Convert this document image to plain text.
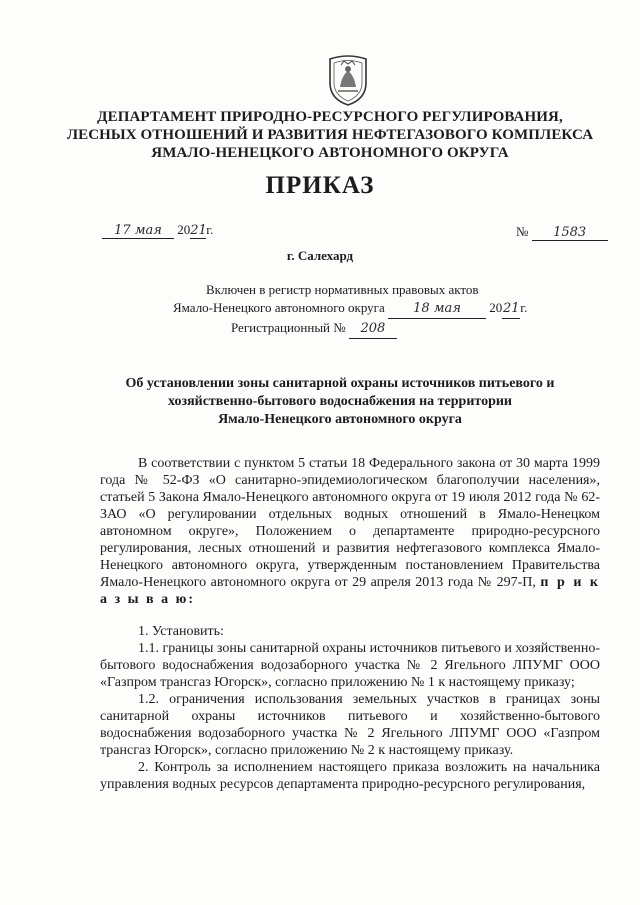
ДЕПАРТАМЕНТ ПРИРОДНО-РЕСУРСНОГО РЕГУЛИРОВАНИЯ,
ЛЕСНЫХ ОТНОШЕНИЙ И РАЗВИТИЯ НЕФТЕГАЗОВОГО КОМПЛЕКСА
ЯМАЛО-НЕНЕЦКОГО АВТОНОМНОГО ОКРУГА
ПРИКАЗ
17 мая 2021г.	№ 1583
г. Салехард
Включен в регистр нормативных правовых актов
Ямало-Ненецкого автономного округа 18 мая 2021г.
Регистрационный № 208
Об установлении зоны санитарной охраны источников питьевого и
хозяйственно-бытового водоснабжения на территории
Ямало-Ненецкого автономного округа

В соответствии с пунктом 5 статьи 18 Федерального закона от 30 марта 1999 года № 52-ФЗ «О санитарно-эпидемиологическом благополучии населения», статьей 5 Закона Ямало-Ненецкого автономного округа от 19 июля 2012 года № 62-ЗАО «О регулировании отдельных водных отношений в Ямало-Ненецком автономном округе», Положением о департаменте природно-ресурсного регулирования, лесных отношений и развития нефтегазового комплекса Ямало-Ненецкого автономного округа, утвержденным постановлением Правительства Ямало-Ненецкого автономного округа от 29 апреля 2013 года № 297-П, п р и к а з ы в а ю:

1. Установить:

1.1. границы зоны санитарной охраны источников питьевого и хозяйственно-бытового водоснабжения водозаборного участка № 2 Ягельного ЛПУМГ ООО «Газпром трансгаз Югорск», согласно приложению № 1 к настоящему приказу;

1.2. ограничения использования земельных участков в границах зоны санитарной охраны источников питьевого и хозяйственно-бытового водоснабжения водозаборного участка № 2 Ягельного ЛПУМГ ООО «Газпром трансгаз Югорск», согласно приложению № 2 к настоящему приказу.

2. Контроль за исполнением настоящего приказа возложить на начальника управления водных ресурсов департамента природно-ресурсного регулирования,
